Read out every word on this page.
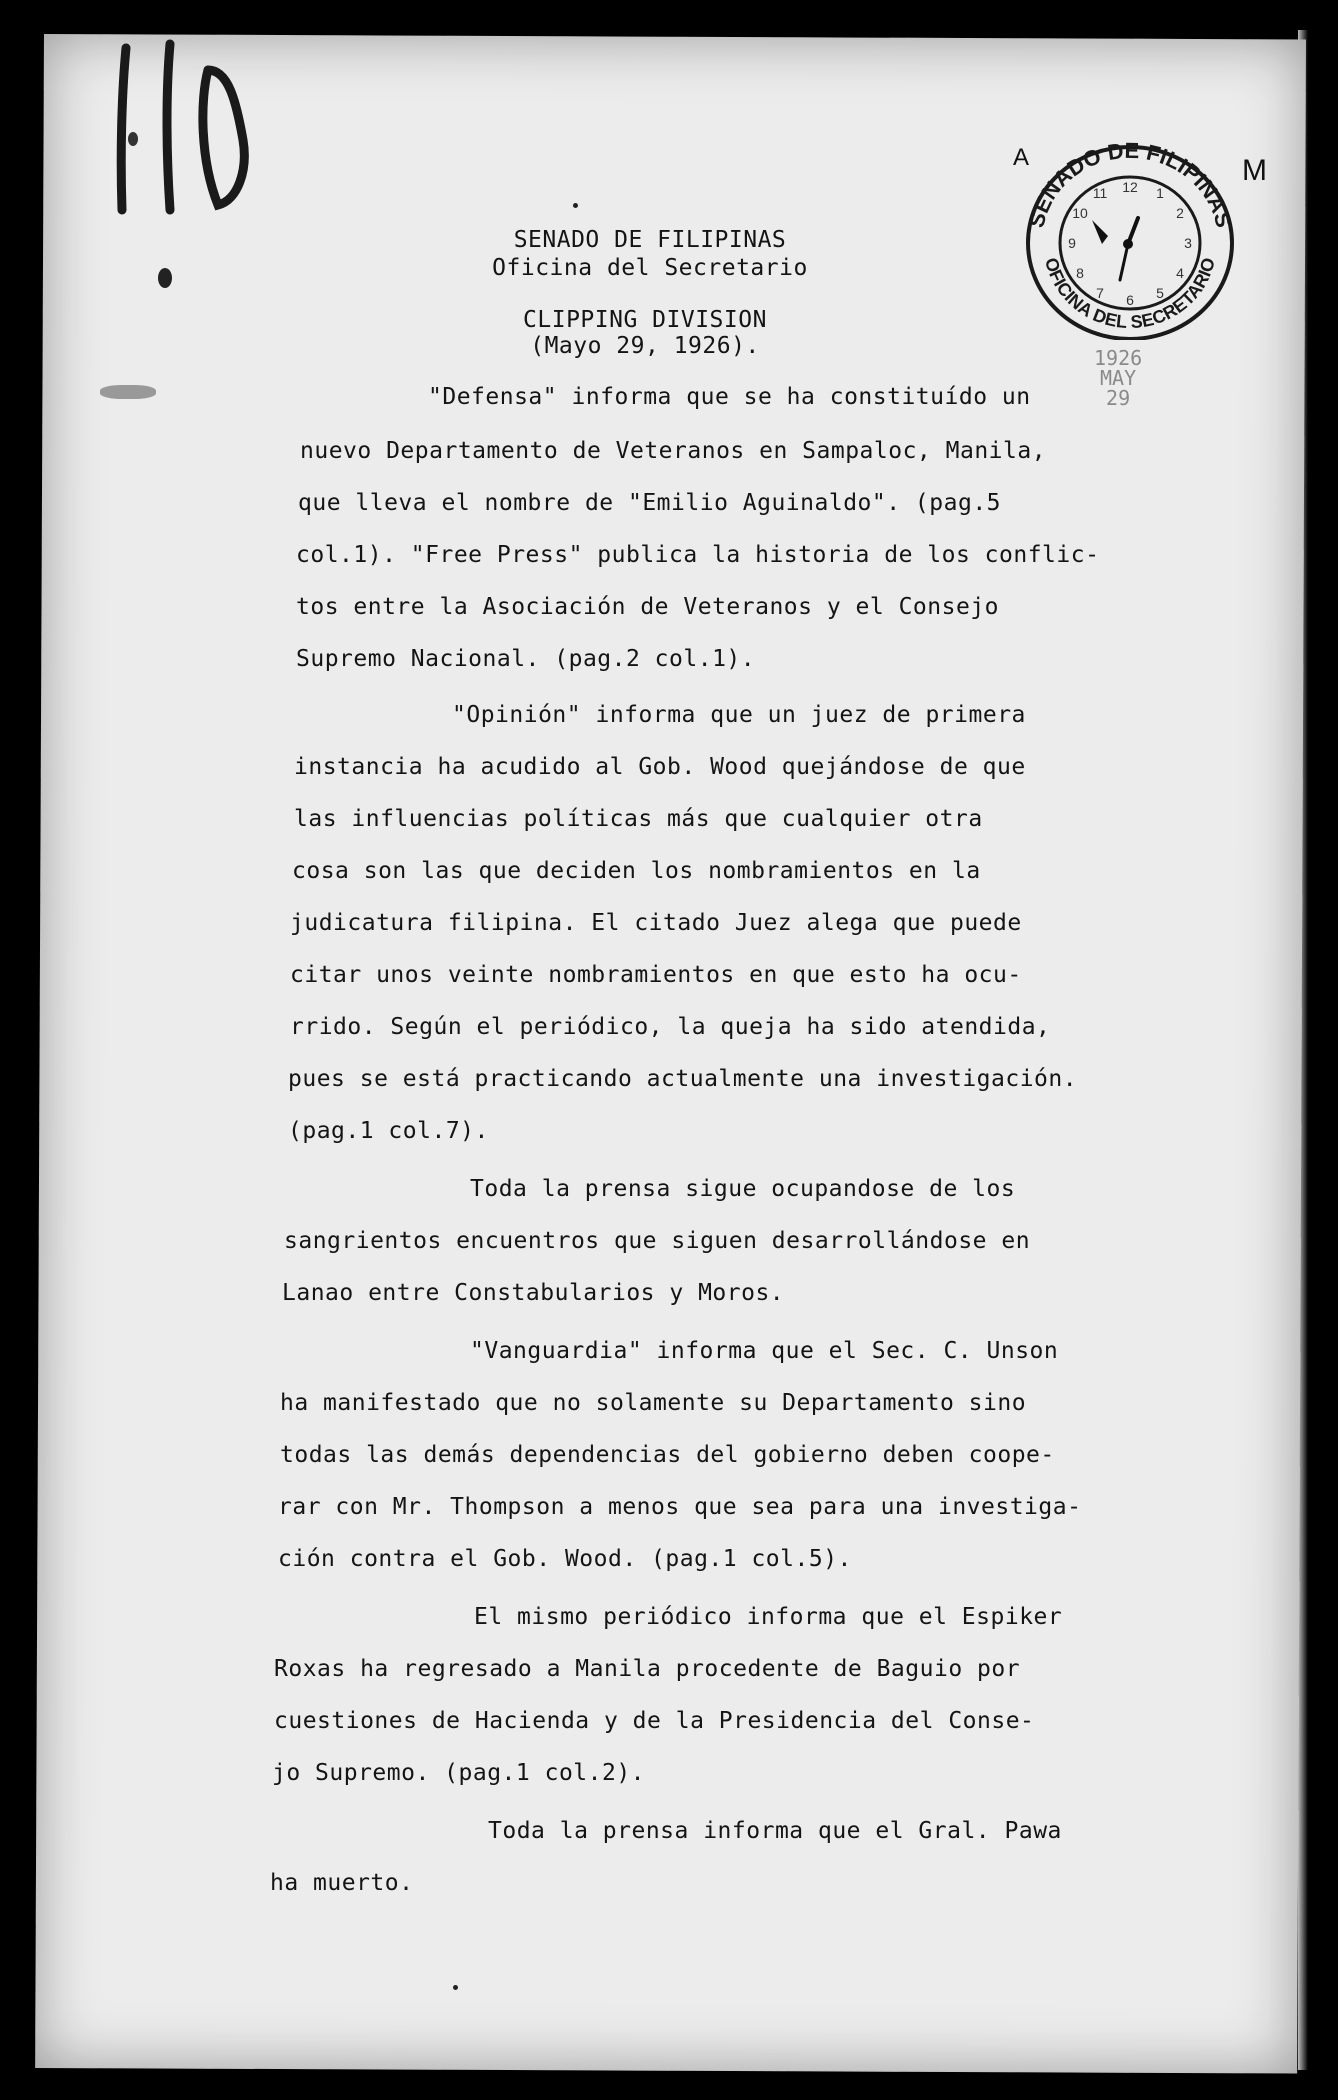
115
A	M
SENADO DE FILIPINAS
OFICINA DEL SECRETARIO
12 1
2
3
4
5
6
7
8
9
10
11
1926
MAY
29
SENADO DE FILIPINAS
Oficina del Secretario
CLIPPING DIVISION
(Mayo 29, 1926).
"Defensa" informa que se ha constituído un
nuevo Departamento de Veteranos en Sampaloc, Manila,
que lleva el nombre de "Emilio Aguinaldo". (pag.5
col.1). "Free Press" publica la historia de los conflic-
tos entre la Asociación de Veteranos y el Consejo
Supremo Nacional. (pag.2 col.1).
"Opinión" informa que un juez de primera
instancia ha acudido al Gob. Wood quejándose de que
las influencias políticas más que cualquier otra
cosa son las que deciden los nombramientos en la
judicatura filipina. El citado Juez alega que puede
citar unos veinte nombramientos en que esto ha ocu-
rrido. Según el periódico, la queja ha sido atendida,
pues se está practicando actualmente una investigación.
(pag.1 col.7).
Toda la prensa sigue ocupandose de los
sangrientos encuentros que siguen desarrollándose en
Lanao entre Constabularios y Moros.
"Vanguardia" informa que el Sec. C. Unson
ha manifestado que no solamente su Departamento sino
todas las demás dependencias del gobierno deben coope-
rar con Mr. Thompson a menos que sea para una investiga-
ción contra el Gob. Wood. (pag.1 col.5).
El mismo periódico informa que el Espiker
Roxas ha regresado a Manila procedente de Baguio por
cuestiones de Hacienda y de la Presidencia del Conse-
jo Supremo. (pag.1 col.2).
Toda la prensa informa que el Gral. Pawa
ha muerto.
